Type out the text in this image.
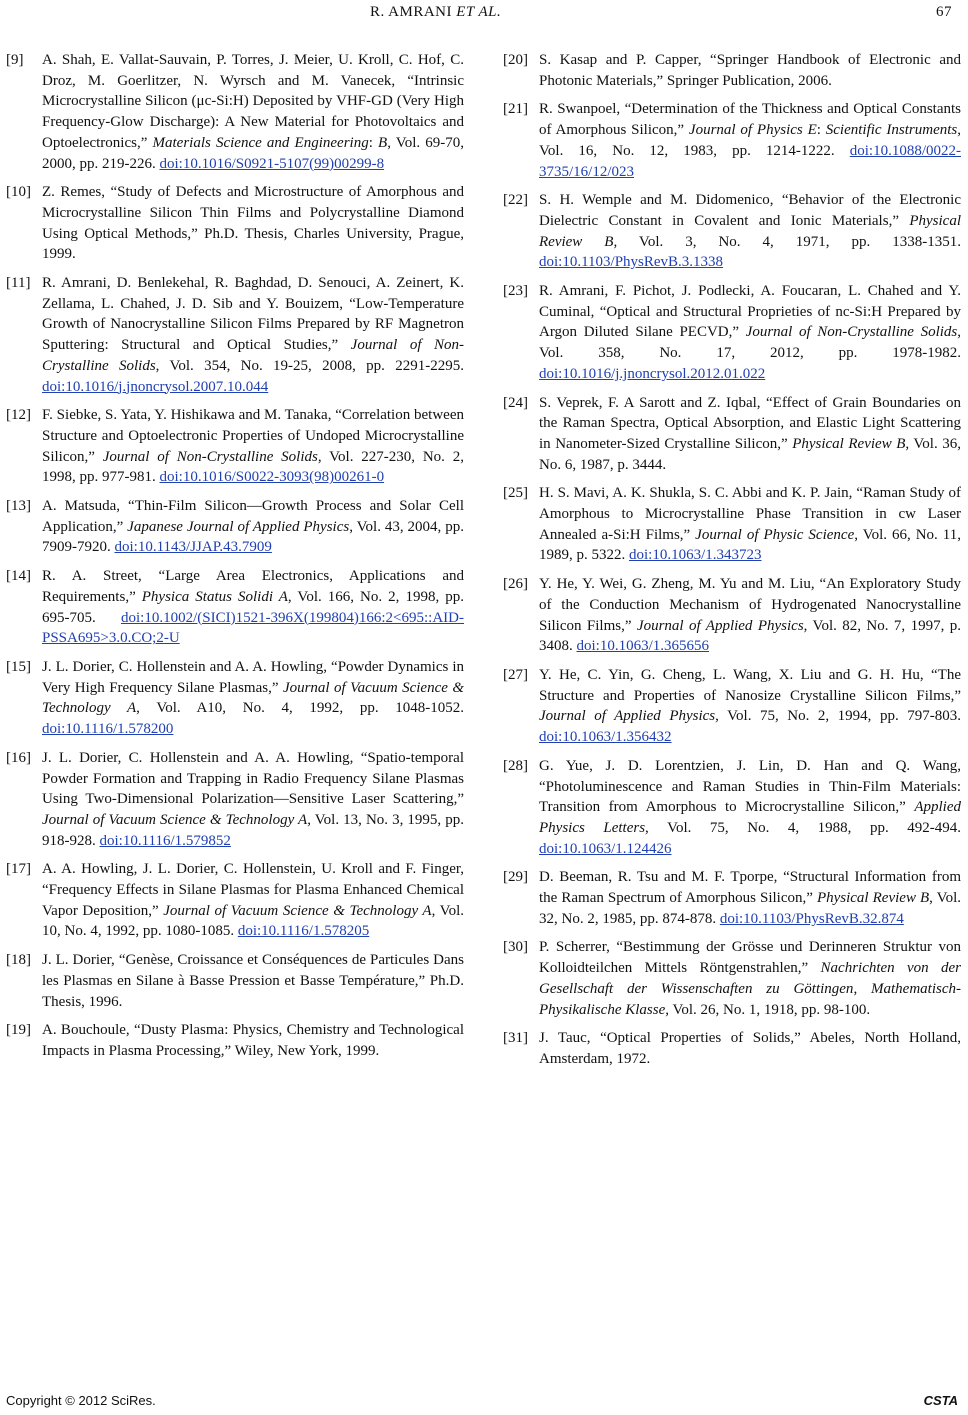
R. AMRANI ET AL.	67
[9] A. Shah, E. Vallat-Sauvain, P. Torres, J. Meier, U. Kroll, C. Hof, C. Droz, M. Goerlitzer, N. Wyrsch and M. Vanecek, “Intrinsic Microcrystalline Silicon (μc-Si:H) Deposited by VHF-GD (Very High Frequency-Glow Discharge): A New Material for Photovoltaics and Optoelectronics,” Materials Science and Engineering: B, Vol. 69-70, 2000, pp. 219-226. doi:10.1016/S0921-5107(99)00299-8
[10] Z. Remes, “Study of Defects and Microstructure of Amorphous and Microcrystalline Silicon Thin Films and Polycrystalline Diamond Using Optical Methods,” Ph.D. Thesis, Charles University, Prague, 1999.
[11] R. Amrani, D. Benlekehal, R. Baghdad, D. Senouci, A. Zeinert, K. Zellama, L. Chahed, J. D. Sib and Y. Bouizem, “Low-Temperature Growth of Nanocrystalline Silicon Films Prepared by RF Magnetron Sputtering: Structural and Optical Studies,” Journal of Non-Crystalline Solids, Vol. 354, No. 19-25, 2008, pp. 2291-2295. doi:10.1016/j.jnoncrysol.2007.10.044
[12] F. Siebke, S. Yata, Y. Hishikawa and M. Tanaka, “Correlation between Structure and Optoelectronic Properties of Undoped Microcrystalline Silicon,” Journal of Non-Crystalline Solids, Vol. 227-230, No. 2, 1998, pp. 977-981. doi:10.1016/S0022-3093(98)00261-0
[13] A. Matsuda, “Thin-Film Silicon—Growth Process and Solar Cell Application,” Japanese Journal of Applied Physics, Vol. 43, 2004, pp. 7909-7920. doi:10.1143/JJAP.43.7909
[14] R. A. Street, “Large Area Electronics, Applications and Requirements,” Physica Status Solidi A, Vol. 166, No. 2, 1998, pp. 695-705. doi:10.1002/(SICI)1521-396X(199804)166:2<695::AID-PSSA695>3.0.CO;2-U
[15] J. L. Dorier, C. Hollenstein and A. A. Howling, “Powder Dynamics in Very High Frequency Silane Plasmas,” Journal of Vacuum Science & Technology A, Vol. A10, No. 4, 1992, pp. 1048-1052. doi:10.1116/1.578200
[16] J. L. Dorier, C. Hollenstein and A. A. Howling, “Spatio-temporal Powder Formation and Trapping in Radio Frequency Silane Plasmas Using Two-Dimensional Polarization—Sensitive Laser Scattering,” Journal of Vacuum Science & Technology A, Vol. 13, No. 3, 1995, pp. 918-928. doi:10.1116/1.579852
[17] A. A. Howling, J. L. Dorier, C. Hollenstein, U. Kroll and F. Finger, “Frequency Effects in Silane Plasmas for Plasma Enhanced Chemical Vapor Deposition,” Journal of Vacuum Science & Technology A, Vol. 10, No. 4, 1992, pp. 1080-1085. doi:10.1116/1.578205
[18] J. L. Dorier, “Genèse, Croissance et Conséquences de Particules Dans les Plasmas en Silane à Basse Pression et Basse Température,” Ph.D. Thesis, 1996.
[19] A. Bouchoule, “Dusty Plasma: Physics, Chemistry and Technological Impacts in Plasma Processing,” Wiley, New York, 1999.
[20] S. Kasap and P. Capper, “Springer Handbook of Electronic and Photonic Materials,” Springer Publication, 2006.
[21] R. Swanpoel, “Determination of the Thickness and Optical Constants of Amorphous Silicon,” Journal of Physics E: Scientific Instruments, Vol. 16, No. 12, 1983, pp. 1214-1222. doi:10.1088/0022-3735/16/12/023
[22] S. H. Wemple and M. Didomenico, “Behavior of the Electronic Dielectric Constant in Covalent and Ionic Materials,” Physical Review B, Vol. 3, No. 4, 1971, pp. 1338-1351. doi:10.1103/PhysRevB.3.1338
[23] R. Amrani, F. Pichot, J. Podlecki, A. Foucaran, L. Chahed and Y. Cuminal, “Optical and Structural Proprieties of nc-Si:H Prepared by Argon Diluted Silane PECVD,” Journal of Non-Crystalline Solids, Vol. 358, No. 17, 2012, pp. 1978-1982. doi:10.1016/j.jnoncrysol.2012.01.022
[24] S. Veprek, F. A Sarott and Z. Iqbal, “Effect of Grain Boundaries on the Raman Spectra, Optical Absorption, and Elastic Light Scattering in Nanometer-Sized Crystalline Silicon,” Physical Review B, Vol. 36, No. 6, 1987, p. 3444.
[25] H. S. Mavi, A. K. Shukla, S. C. Abbi and K. P. Jain, “Raman Study of Amorphous to Microcrystalline Phase Transition in cw Laser Annealed a-Si:H Films,” Journal of Physic Science, Vol. 66, No. 11, 1989, p. 5322. doi:10.1063/1.343723
[26] Y. He, Y. Wei, G. Zheng, M. Yu and M. Liu, “An Exploratory Study of the Conduction Mechanism of Hydrogenated Nanocrystalline Silicon Films,” Journal of Applied Physics, Vol. 82, No. 7, 1997, p. 3408. doi:10.1063/1.365656
[27] Y. He, C. Yin, G. Cheng, L. Wang, X. Liu and G. H. Hu, “The Structure and Properties of Nanosize Crystalline Silicon Films,” Journal of Applied Physics, Vol. 75, No. 2, 1994, pp. 797-803. doi:10.1063/1.356432
[28] G. Yue, J. D. Lorentzien, J. Lin, D. Han and Q. Wang, “Photoluminescence and Raman Studies in Thin-Film Materials: Transition from Amorphous to Microcrystalline Silicon,” Applied Physics Letters, Vol. 75, No. 4, 1988, pp. 492-494. doi:10.1063/1.124426
[29] D. Beeman, R. Tsu and M. F. Tporpe, “Structural Information from the Raman Spectrum of Amorphous Silicon,” Physical Review B, Vol. 32, No. 2, 1985, pp. 874-878. doi:10.1103/PhysRevB.32.874
[30] P. Scherrer, “Bestimmung der Grösse und Derinneren Struktur von Kolloidteilchen Mittels Röntgenstrahlen,” Nachrichten von der Gesellschaft der Wissenschaften zu Göttingen, Mathematisch-Physikalische Klasse, Vol. 26, No. 1, 1918, pp. 98-100.
[31] J. Tauc, “Optical Properties of Solids,” Abeles, North Holland, Amsterdam, 1972.
Copyright © 2012 SciRes.	CSTA
